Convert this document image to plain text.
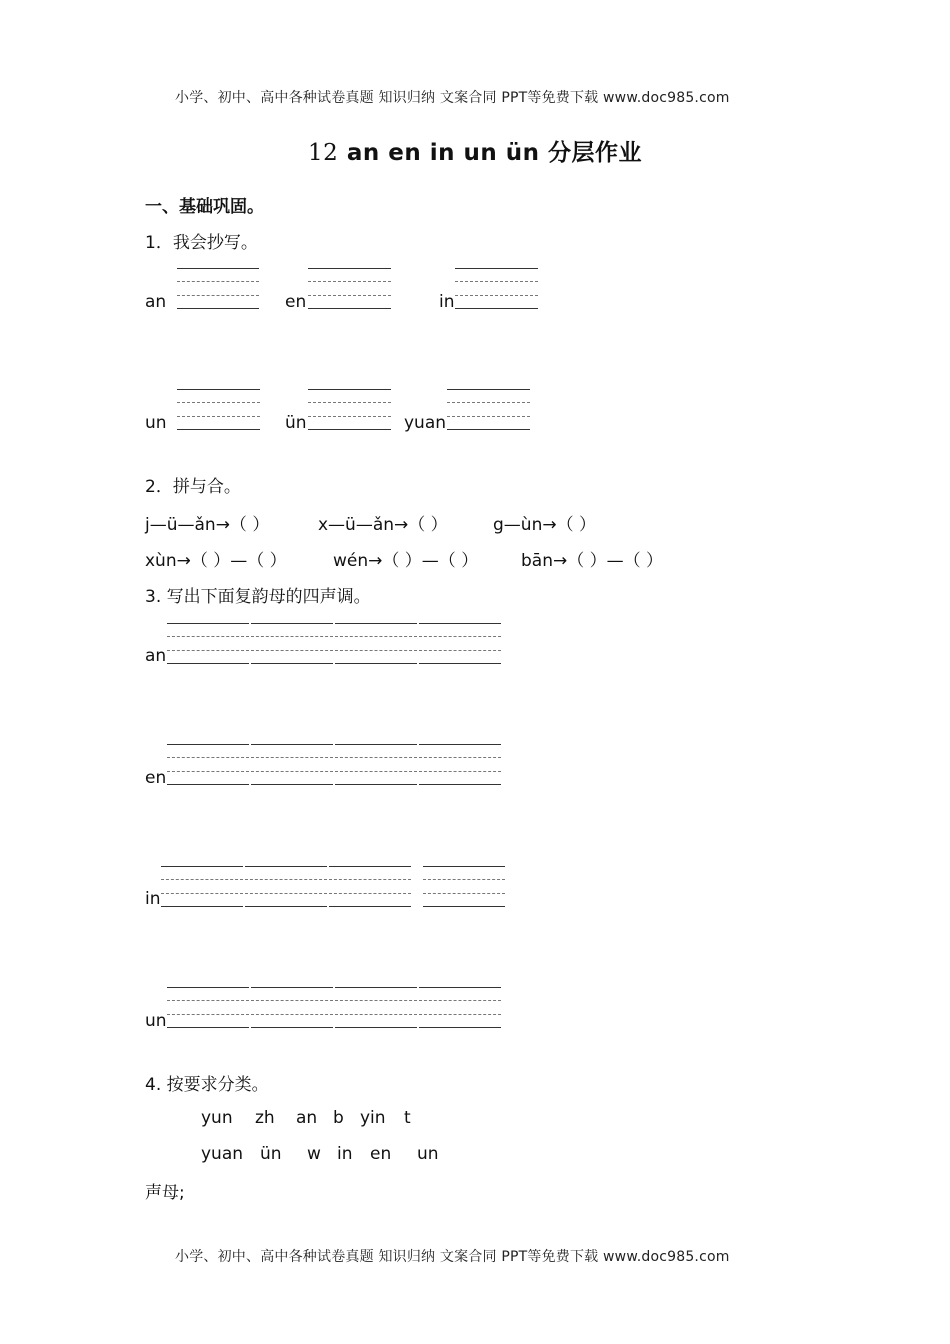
小学、初中、高中各种试卷真题 知识归纳 文案合同 PPT等免费下载 www.doc985.com
12 an en in un ün 分层作业
一、基础巩固。
1．我会抄写。
an	en	in
un	ün	yuan
2．拼与合。
j—ü—ǎn→（ ）	x—ü—ǎn→（ ）	g—ùn→（ ）
xùn→（ ）—（ ）	wén→（ ）—（ ）	bān→（ ）—（ ）
3. 写出下面复韵母的四声调。
an
en
in
un
4. 按要求分类。
yun zh an b yin t
yuan ün w in en un
声母;
小学、初中、高中各种试卷真题 知识归纳 文案合同 PPT等免费下载 www.doc985.com
